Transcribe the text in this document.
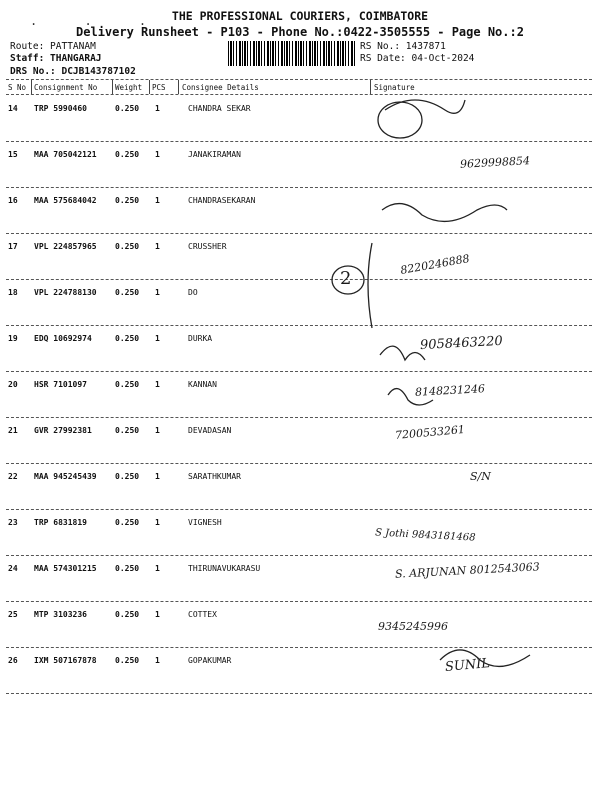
. . . THE PROFESSIONAL COURIERS, COIMBATORE
Delivery Runsheet - P103 - Phone No.:0422-3505555 - Page No.:2
Route: PATTANAM
Staff: THANGARAJ
DRS No.: DCJB143787102
RS No.: 1437871
RS Date: 04-Oct-2024
S No Consignment No Weight PCS Consignee Details	Signature
14 TRP 5990460	0.250 1	CHANDRA SEKAR
15 MAA 705042121 0.250 1	JANAKIRAMAN	9629998854
16 MAA 575684042 0.250 1	CHANDRASEKARAN
17 VPL 224857965 0.250 1	CRUSSHER
8220246888
18 VPL 224788130 0.250 1	DO
19 EDQ 10692974	0.250 1	DURKA	9058463220
20 HSR 7101097	0.250 1	KANNAN	8148231246
21 GVR 27992381	0.250 1	DEVADASAN	7200533261
22 MAA 945245439 0.250 1	SARATHKUMAR	S/N
23 TRP 6831819	0.250 1	VIGNESH
S Jothi 9843181468
24 MAA 574301215 0.250 1	THIRUNAVUKARASU	S. ARJUNAN 8012543063
25 MTP 3103236	0.250 1	COTTEX
9345245996
26 IXM 507167878 0.250 1	GOPAKUMAR	SUNIL
2
